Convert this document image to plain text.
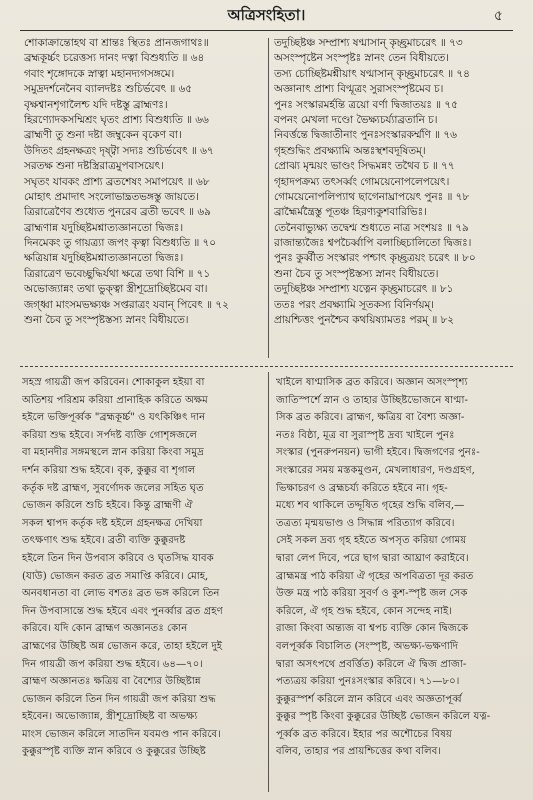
অত্রিসংহিতা।	৫
শোকাক্রান্তোহথ বা শ্রান্তঃ স্থিতঃ প্রানজগাথঃ॥
ব্রহ্মকূর্চ্চং চরেত্তস্য দানং দত্বা বিশুধ্যতি ॥ ৬৪
গবাং শৃঙ্গোদকে স্নাত্বা মহানদ্যগসঙ্গমে।
সমুদ্রদর্শনেনৈব ব্যালদষ্টঃ শুচির্ভবেৎ ॥ ৬৫
বৃক্ষশ্বানশৃগালৈশ্চ যদি দষ্টস্তু ব্রাহ্মণঃ।
হিরণ্যোদকসম্মিশ্রং ঘৃতং প্রাশ্য বিশুধ্যতি ॥ ৬৬
ব্রাহ্মণী তু শুনা দষ্টা জম্বুকেন বৃকেণ বা।
উদিতং গ্রহনক্ষত্রং দৃষ্ট্বা সদ্যঃ শুচির্ভবেৎ ॥ ৬৭
সরতক্ষ শুনা দষ্টস্ত্রিরাত্রমুপবাসয়েৎ।
সঘৃতং যাবকং প্রাশ্য ব্রতশেষং সমাপয়েৎ ॥ ৬৮
মোহাৎ প্রমাদাৎ সংলোভাদ্ব্রতভঙ্গস্তু জায়তে।
ত্রিরাত্রেণৈব শুধ্যেত পুনরেব ব্রতী ভবেৎ ॥ ৬৯
ব্রাহ্মণান্ন যদুচ্ছিষ্টমশ্নাত্যজ্ঞানতো দ্বিজঃ।
দিনমেকং তু গায়ত্র্যা জপং কৃত্বা বিশুধ্যতি ॥ ৭০
ক্ষত্রিয়ান্ন যদুচ্ছিষ্টমশ্নাত্যজ্ঞানতো দ্বিজঃ।
ত্রিরাত্রেণ ভবেচ্ছুদ্ধির্যথা ক্ষত্রে তথা বিশি ॥ ৭১
অভোজ্যান্নং তথা ভুক্ত্বা স্ত্রীশূদ্রোচ্ছিষ্টমেব বা।
জগ্ধ্বা মাংসমভক্ষ্যঞ্চ সপ্তরাত্রং যবান্ পিবেৎ ॥ ৭২
শুনা চৈব তু সংস্পৃষ্টস্তস্য স্নানং বিধীয়তে।
তদুচ্ছিষ্টঞ্চ সম্প্রাশ্য ষণ্মাসান্ কৃচ্ছ্রমাচরেৎ ॥ ৭৩
অসংস্পৃষ্টেন সংস্পৃষ্টঃ স্নানং তেন বিধীয়তে।
তস্য চোচ্ছিষ্টমশ্নীয়াৎ ষণ্মাসান্ কৃচ্ছ্রমাচরেৎ ॥ ৭৪
অজ্ঞানাৎ প্রাশ্য বিণ্মূত্রং সুরাসংস্পৃষ্টমেব চ।
পুনঃ সংস্কারমর্হন্তি ত্রয়ো বর্ণা দ্বিজাতয়ঃ ॥ ৭৫
বপনং মেখলা দণ্ডো ভৈক্ষ্যচর্য্যাব্রতানি চ।
নিবর্ত্তন্তে দ্বিজাতীনাং পুনঃসংস্কারকর্ম্মণি ॥ ৭৬
গৃহশুদ্ধিং প্রবক্ষ্যামি অন্তঃস্থশবদূষিতম্।
প্রোঝ্য মৃন্ময়ং ভাণ্ডং সিদ্ধমন্নং তথৈব চ ॥ ৭৭
গৃহাদপক্রম্য তৎসর্ব্বং গোময়েনোপলেপয়েৎ।
গোময়েনোপলিপ্যাথ ছাগেনাঘ্রাপয়েৎ পুনঃ ॥ ৭৮
ব্রাহ্মৈর্মন্ত্রৈস্তু পূতঞ্চ হিরণ্যকুশবারিভিঃ।
তেনৈবাভ্যুক্ষ্য তদ্বেশ্ম শুধ্যতে নাত্র সংশয়ঃ ॥ ৭৯
রাজান্ত্যজৈঃ শ্বপচৈর্ব্বাপি বলাচ্ছিচালিতো দ্বিজঃ।
পুনঃ কুর্ব্বীত সংস্কারং পশ্চাৎ কৃচ্ছ্রত্রয়ং চরেৎ ॥ ৮০
শুনা চৈব তু সংস্পৃষ্টস্তস্য স্নানং বিধীয়তে।
তদুচ্ছিষ্টঞ্চ সম্প্রাশ্য যত্নেন কৃচ্ছ্রমাচরেৎ ॥ ৮১
ততঃ পরং প্রবক্ষ্যামি সূতকস্য বিনির্ণয়ম্।
প্রায়শ্চিত্তং পুনশ্চৈব কথয়িষ্যামতঃ পরম্ ॥ ৮২
সহস্র গায়ত্রী জপ করিবেন। শোকাকুল হইয়া বা
অতিশয় পরিশ্রম করিয়া প্রানাহিক করিতে অক্ষম
হইলে ভক্তিপূর্ব্বক "ব্রহ্মকূর্চ্চ" ও যৎকিঞ্চিৎ দান
করিয়া শুদ্ধ হইবে। সর্পদষ্ট ব্যক্তি গোশৃঙ্গজলে
বা মহানদীর সঙ্গমস্থলে স্নান করিয়া কিংবা সমুদ্র
দর্শন করিয়া শুদ্ধ হইবে। বৃক, কুক্কুর বা শৃগাল
কর্তৃক দষ্ট ব্রাহ্মণ, সুবর্ণোদক জলের সহিত ঘৃত
ভোজন করিলে শুচি হইবে। কিন্তু ব্রাহ্মণী ঐ
সকল শ্বাপদ কর্তৃক দষ্ট হইলে গ্রহনক্ষত্র দেখিয়া
তৎক্ষণাৎ শুদ্ধ হইবে। ব্রতী ব্যক্তি কুক্কুরদষ্ট
হইলে তিন দিন উপবাস করিবে ও ঘৃতসিদ্ধ যাবক
(যাউ) ভোজন করত ব্রত সমাপ্তি করিবে। মোহ,
অনবধানতা বা লোভ বশতঃ ব্রত ভঙ্গ করিলে তিন
দিন উপবাসান্তে শুদ্ধ হইবে এবং পুনর্ব্বার ব্রত গ্রহণ
করিবে। যদি কোন ব্রাহ্মণ অজ্ঞানতঃ কোন
ব্রাহ্মণের উচ্ছিষ্ট অন্ন ভোজন করে, তাহা হইলে দুই
দিন গায়ত্রী জপ করিয়া শুদ্ধ হইবে। ৬৪—৭০।
ব্রাহ্মণ অজ্ঞানতঃ ক্ষত্রিয় বা বৈশ্যের উচ্ছিষ্টান্ন
ভোজন করিলে তিন দিন গায়ত্রী জপ করিয়া শুদ্ধ
হইবেন। অভোজ্যান্ন, স্ত্রীশূদ্রোচ্ছিষ্ট বা অভক্ষ্য
মাংস ভোজন করিলে সাতদিন যবমণ্ড পান করিবে।
কুক্কুরস্পৃষ্ট ব্যক্তি স্নান করিবে ও কুক্কুরের উচ্ছিষ্ট
খাইলে ষাণ্মাসিক ব্রত করিবে। অজ্ঞান অসংস্পৃশ্য
জাতিস্পর্শে স্নান ও তাহার উচ্ছিষ্টভোজনে ষাণ্মা-
সিক ব্রত করিবে। ব্রাহ্মণ, ক্ষত্রিয় বা বৈশ্য অজ্ঞা-
নতঃ বিষ্ঠা, মূত্র বা সুরাস্পৃষ্ট দ্রব্য খাইলে পুনঃ
সংস্কার (পুনরুপনয়ন) ভাগী হইবে। দ্বিজগণের পুনঃ-
সংস্কারের সময় মস্তকমুণ্ডন, মেখলাধারণ, দণ্ডগ্রহণ,
ভিক্ষাচরণ ও ব্রহ্মচর্য্য করিতে হইবে না। গৃহ-
মধ্যে শব থাকিলে তদ্দূষিত গৃহের শুদ্ধি বলিব,—
তত্রত্য মৃন্ময়ভাণ্ড ও সিদ্ধান্ন পরিত্যাগ করিবে।
সেই সকল দ্রব্য গৃহ হইতে অপসৃত করিয়া গোময়
দ্বারা লেপ দিবে, পরে ছাগ দ্বারা আঘ্রাণ করাইবে।
ব্রাহ্মমন্ত্র পাঠ করিয়া ঐ গৃহের অপবিত্রতা দূর করত
উক্ত মন্ত্র পাঠ করিয়া সুবর্ণ ও কুশ-স্পৃষ্ট জল সেক
করিলে, ঐ গৃহ শুদ্ধ হইবে, কোন সন্দেহ নাই।
রাজা কিংবা অন্ত্যজ বা শ্বপচ ব্যক্তি কোন দ্বিজকে
বলপূর্ব্বক বিচালিত (সংস্পৃষ্ট, অভক্ষ্য-ভক্ষণাদি
দ্বারা অসৎপথে প্রবর্ত্তিত) করিলে ঐ দ্বিজ প্রাজা-
পত্যত্রয় করিয়া পুনঃসংস্কার করিবে। ৭১—৮০।
কুক্কুরস্পর্শ করিলে স্নান করিবে এবং অজ্ঞতাপূর্ব্ব
কুক্কুর স্পৃষ্ট কিংবা কুক্কুরের উচ্ছিষ্ট ভোজন করিলে যত্ন-
পূর্ব্বক ব্রত করিবে। ইহার পর অশৌচের বিষয়
বলিব, তাহার পর প্রায়শ্চিত্তের কথা বলিব।
